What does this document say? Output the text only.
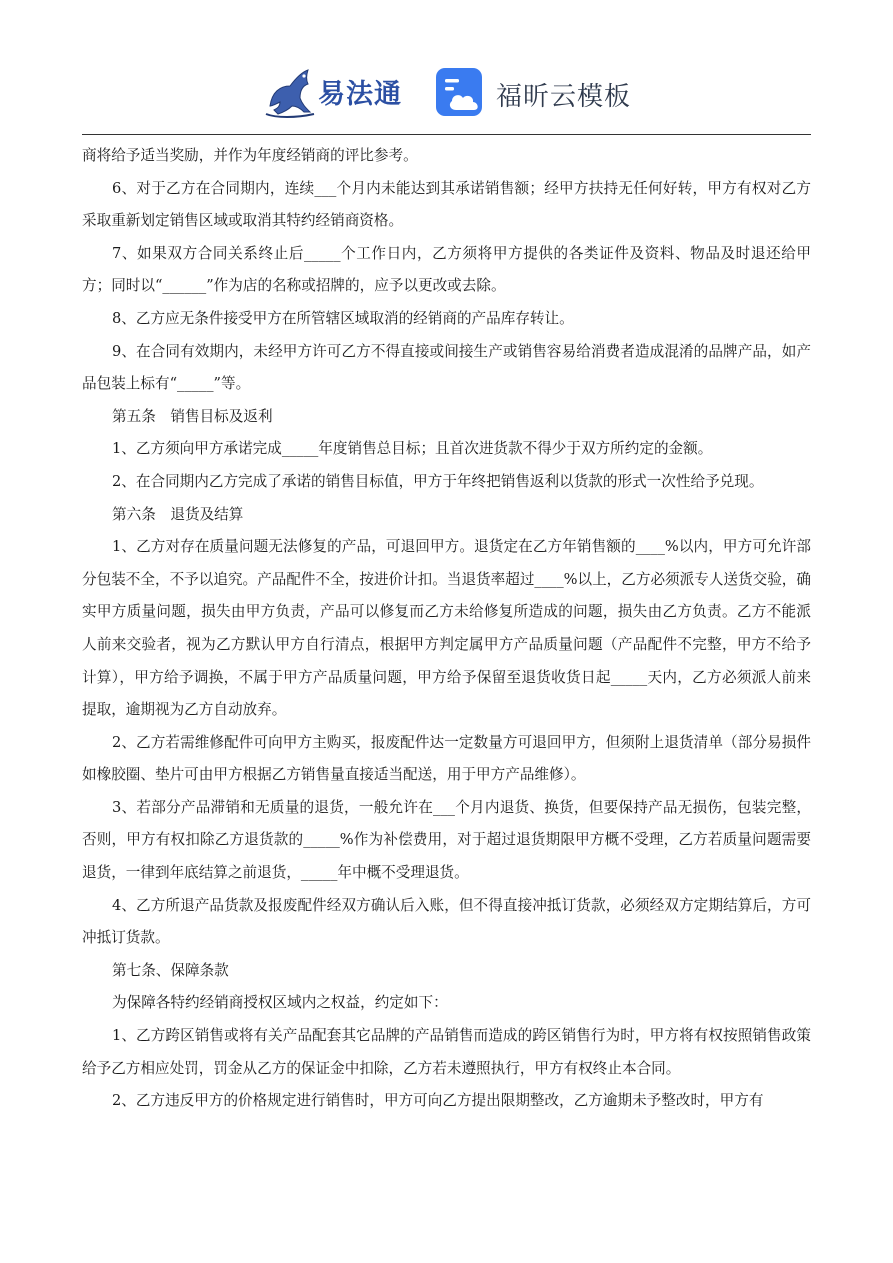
易法通	福昕云模板

商将给予适当奖励，并作为年度经销商的评比参考。

6、对于乙方在合同期内，连续___个月内未能达到其承诺销售额；经甲方扶持无任何好转，甲方有权对乙方采取重新划定销售区域或取消其特约经销商资格。

7、如果双方合同关系终止后_____个工作日内，乙方须将甲方提供的各类证件及资料、物品及时退还给甲方；同时以“______”作为店的名称或招牌的，应予以更改或去除。

8、乙方应无条件接受甲方在所管辖区域取消的经销商的产品库存转让。

9、在合同有效期内，未经甲方许可乙方不得直接或间接生产或销售容易给消费者造成混淆的品牌产品，如产品包装上标有“_____”等。

第五条　销售目标及返利

1、乙方须向甲方承诺完成_____年度销售总目标；且首次进货款不得少于双方所约定的金额。

2、在合同期内乙方完成了承诺的销售目标值，甲方于年终把销售返利以货款的形式一次性给予兑现。

第六条　退货及结算

1、乙方对存在质量问题无法修复的产品，可退回甲方。退货定在乙方年销售额的____%以内，甲方可允许部分包装不全，不予以追究。产品配件不全，按进价计扣。当退货率超过____%以上，乙方必须派专人送货交验，确实甲方质量问题，损失由甲方负责，产品可以修复而乙方未给修复所造成的问题，损失由乙方负责。乙方不能派人前来交验者，视为乙方默认甲方自行清点，根据甲方判定属甲方产品质量问题（产品配件不完整，甲方不给予计算），甲方给予调换，不属于甲方产品质量问题，甲方给予保留至退货收货日起_____天内，乙方必须派人前来提取，逾期视为乙方自动放弃。

2、乙方若需维修配件可向甲方主购买，报废配件达一定数量方可退回甲方，但须附上退货清单（部分易损件如橡胶圈、垫片可由甲方根据乙方销售量直接适当配送，用于甲方产品维修）。

3、若部分产品滞销和无质量的退货，一般允许在___个月内退货、换货，但要保持产品无损伤，包装完整，否则，甲方有权扣除乙方退货款的_____%作为补偿费用，对于超过退货期限甲方概不受理，乙方若质量问题需要退货，一律到年底结算之前退货，_____年中概不受理退货。

4、乙方所退产品货款及报废配件经双方确认后入账，但不得直接冲抵订货款，必须经双方定期结算后，方可冲抵订货款。

第七条、保障条款

为保障各特约经销商授权区域内之权益，约定如下：

1、乙方跨区销售或将有关产品配套其它品牌的产品销售而造成的跨区销售行为时，甲方将有权按照销售政策给予乙方相应处罚，罚金从乙方的保证金中扣除，乙方若未遵照执行，甲方有权终止本合同。

2、乙方违反甲方的价格规定进行销售时，甲方可向乙方提出限期整改，乙方逾期未予整改时，甲方有
